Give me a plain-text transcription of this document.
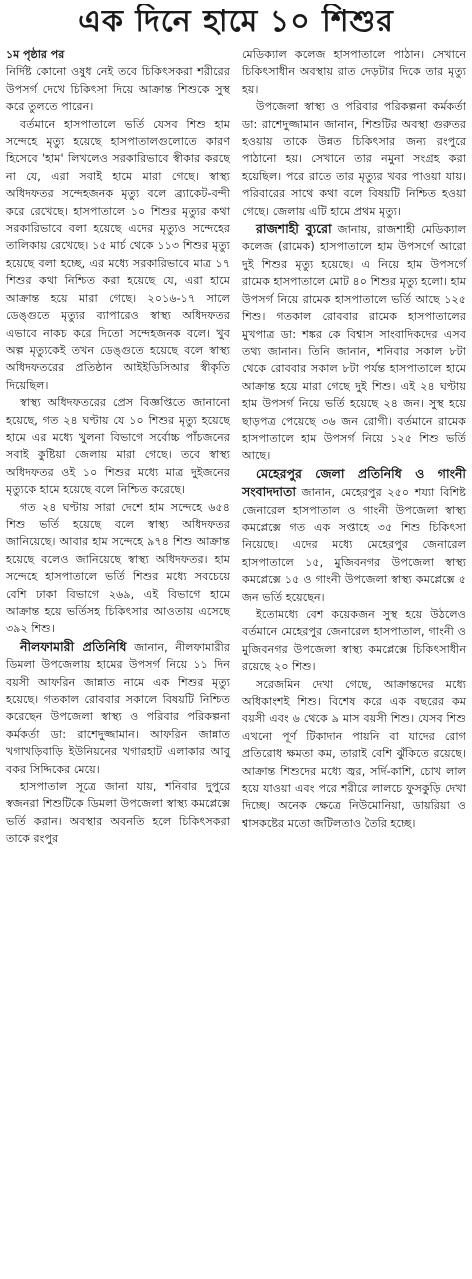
এক দিনে হামে ১০ শিশুর

১ম পৃষ্ঠার পর
নির্দিষ্ট কোনো ওষুধ নেই তবে চিকিৎসকরা শরীরের উপসর্গ দেখে চিকিৎসা দিয়ে আক্রান্ত শিশুকে সুস্থ করে তুলতে পারেন।

বর্তমানে হাসপাতালে ভর্তি যেসব শিশু হাম সন্দেহে মৃত্যু হয়েছে হাসপাতালগুলোতে কারণ হিসেবে 'হাম' লিখলেও সরকারিভাবে স্বীকার করছে না যে, এরা সবাই হামে মারা গেছে। স্বাস্থ্য অধিদফতর সন্দেহজনক মৃত্যু বলে ব্র্যাকেট-বন্দী করে রেখেছে। হাসপাতালে ১০ শিশুর মৃত্যুর কথা সরকারিভাবে বলা হয়েছে এদের মৃত্যুও সন্দেহের তালিকায় রেখেছে। ১৫ মার্চ থেকে ১১৩ শিশুর মৃত্যু হয়েছে বলা হচ্ছে, এর মধ্যে সরকারিভাবে মাত্র ১৭ শিশুর কথা নিশ্চিত করা হয়েছে যে, এরা হামে আক্রান্ত হয়ে মারা গেছে। ২০১৬-১৭ সালে ডেঙ্গুতে মৃত্যুর ব্যাপারেও স্বাস্থ্য অধিদফতর এভাবে নাকচ করে দিতো সন্দেহজনক বলে। খুব অল্প মৃত্যুকেই তখন ডেঙ্গুতে হয়েছে বলে স্বাস্থ্য অধিদফতরের প্রতিষ্ঠান আইইডিসিআর স্বীকৃতি দিয়েছিল।

স্বাস্থ্য অধিদফতরের প্রেস বিজ্ঞপ্তিতে জানানো হয়েছে, গত ২৪ ঘণ্টায় যে ১০ শিশুর মৃত্যু হয়েছে হামে এর মধ্যে খুলনা বিভাগে সর্বোচ্চ পাঁচজনের সবাই কুষ্টিয়া জেলায় মারা গেছে। তবে স্বাস্থ্য অধিদফতর ওই ১০ শিশুর মধ্যে মাত্র দুইজনের মৃত্যুকে হামে হয়েছে বলে নিশ্চিত করেছে।

গত ২৪ ঘণ্টায় সারা দেশে হাম সন্দেহে ৬৫৪ শিশু ভর্তি হয়েছে বলে স্বাস্থ্য অধিদফতর জানিয়েছে। আবার হাম সন্দেহে ৯৭৪ শিশু আক্রান্ত হয়েছে বলেও জানিয়েছে স্বাস্থ্য অধিদফতর। হাম সন্দেহে হাসপাতালে ভর্তি শিশুর মধ্যে সবচেয়ে বেশি ঢাকা বিভাগে ২৬৯, এই বিভাগে হামে আক্রান্ত হয়ে ভর্তিসহ চিকিৎসার আওতায় এসেছে ৩৯২ শিশু।

নীলফামারী প্রতিনিধি জানান, নীলফামারীর ডিমলা উপজেলায় হামের উপসর্গ নিয়ে ১১ দিন বয়সী আফরিন জান্নাত নামে এক শিশুর মৃত্যু হয়েছে। গতকাল রোববার সকালে বিষয়টি নিশ্চিত করেছেন উপজেলা স্বাস্থ্য ও পরিবার পরিকল্পনা কর্মকর্তা ডা: রাশেদুজ্জামান। আফরিন জান্নাত খগাখড়িবাড়ি ইউনিয়নের খগারহাট এলাকার আবু বকর সিদ্দিকের মেয়ে।

হাসপাতাল সূত্রে জানা যায়, শনিবার দুপুরে স্বজনরা শিশুটিকে ডিমলা উপজেলা স্বাস্থ্য কমপ্লেক্সে ভর্তি করান। অবস্থার অবনতি হলে চিকিৎসকরা তাকে রংপুর

মেডিক্যাল কলেজ হাসপাতালে পাঠান। সেখানে চিকিৎসাধীন অবস্থায় রাত দেড়টার দিকে তার মৃত্যু হয়।

উপজেলা স্বাস্থ্য ও পরিবার পরিকল্পনা কর্মকর্তা ডা: রাশেদুজ্জামান জানান, শিশুটির অবস্থা গুরুতর হওয়ায় তাকে উন্নত চিকিৎসার জন্য রংপুরে পাঠানো হয়। সেখানে তার নমুনা সংগ্রহ করা হয়েছিল। পরে রাতে তার মৃত্যুর খবর পাওয়া যায়। পরিবারের সাথে কথা বলে বিষয়টি নিশ্চিত হওয়া গেছে। জেলায় এটি হামে প্রথম মৃত্যু।

রাজশাহী ব্যুরো জানায়, রাজশাহী মেডিক্যাল কলেজ (রামেক) হাসপাতালে হাম উপসর্গে আরো দুই শিশুর মৃত্যু হয়েছে। এ নিয়ে হাম উপসর্গে রামেক হাসপাতালে মোট ৪০ শিশুর মৃত্যু হলো। হাম উপসর্গ নিয়ে রামেক হাসপাতালে ভর্তি আছে ১২৫ শিশু। গতকাল রোববার রামেক হাসপাতালের মুখপাত্র ডা: শঙ্কর কে বিশ্বাস সাংবাদিকদের এসব তথ্য জানান। তিনি জানান, শনিবার সকাল ৮টা থেকে রোববার সকাল ৮টা পর্যন্ত হাসপাতালে হামে আক্রান্ত হয়ে মারা গেছে দুই শিশু। এই ২৪ ঘণ্টায় হাম উপসর্গ নিয়ে ভর্তি হয়েছে ২৪ জন। সুস্থ হয়ে ছাড়পত্র পেয়েছে ৩৬ জন রোগী। বর্তমানে রামেক হাসপাতালে হাম উপসর্গ নিয়ে ১২৫ শিশু ভর্তি আছে।

মেহেরপুর জেলা প্রতিনিধি ও গাংনী সংবাদদাতা জানান, মেহেরপুর ২৫০ শয্যা বিশিষ্ট জেনারেল হাসপাতাল ও গাংনী উপজেলা স্বাস্থ্য কমপ্লেক্সে গত এক সপ্তাহে ৩৫ শিশু চিকিৎসা নিয়েছে। এদের মধ্যে মেহেরপুর জেনারেল হাসপাতালে ১৫, মুজিবনগর উপজেলা স্বাস্থ্য কমপ্লেক্সে ১৫ ও গাংনী উপজেলা স্বাস্থ্য কমপ্লেক্সে ৫ জন ভর্তি হয়েছেন।

ইতোমধ্যে বেশ কয়েকজন সুস্থ হয়ে উঠলেও বর্তমানে মেহেরপুর জেনারেল হাসপাতাল, গাংনী ও মুজিবনগর উপজেলা স্বাস্থ্য কমপ্লেক্সে চিকিৎসাধীন রয়েছে ২০ শিশু।

সরেজমিন দেখা গেছে, আক্রান্তদের মধ্যে অধিকাংশই শিশু। বিশেষ করে এক বছরের কম বয়সী এবং ৬ থেকে ৯ মাস বয়সী শিশু। যেসব শিশু এখনো পূর্ণ টিকাদান পায়নি বা যাদের রোগ প্রতিরোধ ক্ষমতা কম, তারাই বেশি ঝুঁকিতে রয়েছে। আক্রান্ত শিশুদের মধ্যে জ্বর, সর্দি-কাশি, চোখ লাল হয়ে যাওয়া এবং পরে শরীরে লালচে ফুসকুড়ি দেখা দিচ্ছে। অনেক ক্ষেত্রে নিউমোনিয়া, ডায়রিয়া ও শ্বাসকষ্টের মতো জটিলতাও তৈরি হচ্ছে।
